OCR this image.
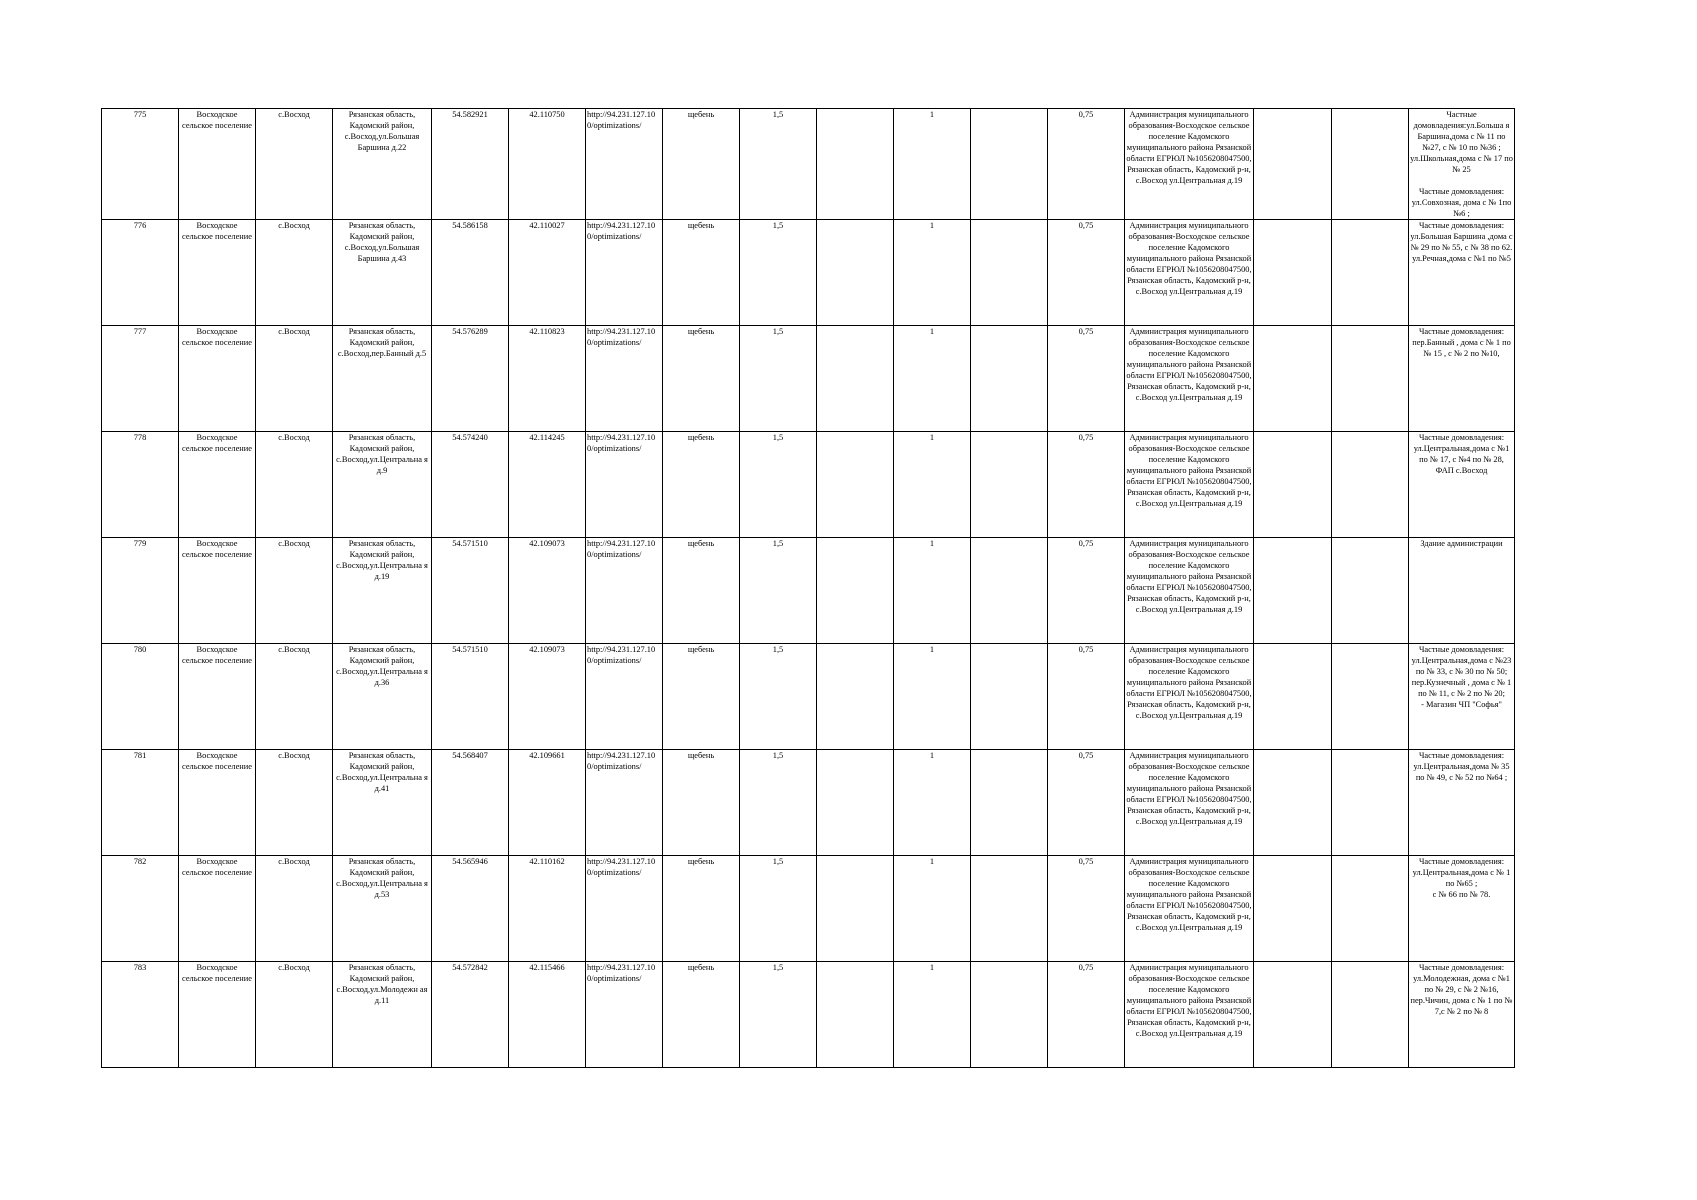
775	Восходское сельское поселение	с.Восход	Рязанская область, Кадомский район, с.Восход,ул.Большая Баршина д.22	54.582921	42.110750	http://94.231.127.10 0/optimizations/	щебень	1,5		1		0,75	Администрация муниципального образования-Восходское сельское поселение Кадомского муниципального района Рязанской области ЕГРЮЛ №1056208047500, Рязанская область, Кадомский р-н, с.Восход ул.Центральная д.19			Частные домовладения:ул.Больша я Баршина,дома с № 11 по №27, с № 10 по №36 ; ул.Школьная,дома с № 17 по № 25

Частные домовладения: ул.Совхозная, дома с № 1по №6 ;
776	Восходское сельское поселение	с.Восход	Рязанская область, Кадомский район, с.Восход,ул.Большая Баршина д.43	54.586158	42.110027	http://94.231.127.10 0/optimizations/	щебень	1,5		1		0,75	Администрация муниципального образования-Восходское сельское поселение Кадомского муниципального района Рязанской области ЕГРЮЛ №1056208047500, Рязанская область, Кадомский р-н, с.Восход ул.Центральная д.19			Частные домовладения: ул.Большая Баршина ,дома с № 29 по № 55, с № 38 по 62.
ул.Речная,дома с №1 по №5
777	Восходское сельское поселение	с.Восход	Рязанская область, Кадомский район, с.Восход,пер.Банный д.5	54.576289	42.110823	http://94.231.127.10 0/optimizations/	щебень	1,5		1		0,75	Администрация муниципального образования-Восходское сельское поселение Кадомского муниципального района Рязанской области ЕГРЮЛ №1056208047500, Рязанская область, Кадомский р-н, с.Восход ул.Центральная д.19			Частные домовладения: пер.Банный , дома с № 1 по № 15 , с № 2 по №10,
778	Восходское сельское поселение	с.Восход	Рязанская область, Кадомский район, с.Восход,ул.Центральна я д.9	54.574240	42.114245	http://94.231.127.10 0/optimizations/	щебень	1,5		1		0,75	Администрация муниципального образования-Восходское сельское поселение Кадомского муниципального района Рязанской области ЕГРЮЛ №1056208047500, Рязанская область, Кадомский р-н, с.Восход ул.Центральная д.19			Частные домовладения: ул.Центральная,дома с №1 по № 17, с №4 по № 28,
ФАП с.Восход
779	Восходское сельское поселение	с.Восход	Рязанская область, Кадомский район, с.Восход,ул.Центральна я д.19	54.571510	42.109073	http://94.231.127.10 0/optimizations/	щебень	1,5		1		0,75	Администрация муниципального образования-Восходское сельское поселение Кадомского муниципального района Рязанской области ЕГРЮЛ №1056208047500, Рязанская область, Кадомский р-н, с.Восход ул.Центральная д.19			Здание администрации
780	Восходское сельское поселение	с.Восход	Рязанская область, Кадомский район, с.Восход,ул.Центральна я д.36	54.571510	42.109073	http://94.231.127.10 0/optimizations/	щебень	1,5		1		0,75	Администрация муниципального образования-Восходское сельское поселение Кадомского муниципального района Рязанской области ЕГРЮЛ №1056208047500, Рязанская область, Кадомский р-н, с.Восход ул.Центральная д.19			Частные домовладения: ул.Центральная,дома с №23 по № 33, с № 30 по № 50; пер.Кузнечный , дома с № 1 по № 11, с № 2 по № 20;
- Магазин ЧП "Софья"
781	Восходское сельское поселение	с.Восход	Рязанская область, Кадомский район, с.Восход,ул.Центральна я д.41	54.568407	42.109661	http://94.231.127.10 0/optimizations/	щебень	1,5		1		0,75	Администрация муниципального образования-Восходское сельское поселение Кадомского муниципального района Рязанской области ЕГРЮЛ №1056208047500, Рязанская область, Кадомский р-н, с.Восход ул.Центральная д.19			Частные домовладения: ул.Центральная,дома № 35 по № 49, с № 52 по №64 ;
782	Восходское сельское поселение	с.Восход	Рязанская область, Кадомский район, с.Восход,ул.Центральна я д.53	54.565946	42.110162	http://94.231.127.10 0/optimizations/	щебень	1,5		1		0,75	Администрация муниципального образования-Восходское сельское поселение Кадомского муниципального района Рязанской области ЕГРЮЛ №1056208047500, Рязанская область, Кадомский р-н, с.Восход ул.Центральная д.19			Частные домовладения: ул.Центральная,дома с № 1 по №65 ;
с № 66 по № 78.
783	Восходское сельское поселение	с.Восход	Рязанская область, Кадомский район, с.Восход,ул.Молодежн ая д.11	54.572842	42.115466	http://94.231.127.10 0/optimizations/	щебень	1,5		1		0,75	Администрация муниципального образования-Восходское сельское поселение Кадомского муниципального района Рязанской области ЕГРЮЛ №1056208047500, Рязанская область, Кадомский р-н, с.Восход ул.Центральная д.19			Частные домовладения: ул.Молодежная, дома с №1 по № 29, с № 2 №16, пер.Чичин, дома с № 1 по № 7,с № 2 по № 8
